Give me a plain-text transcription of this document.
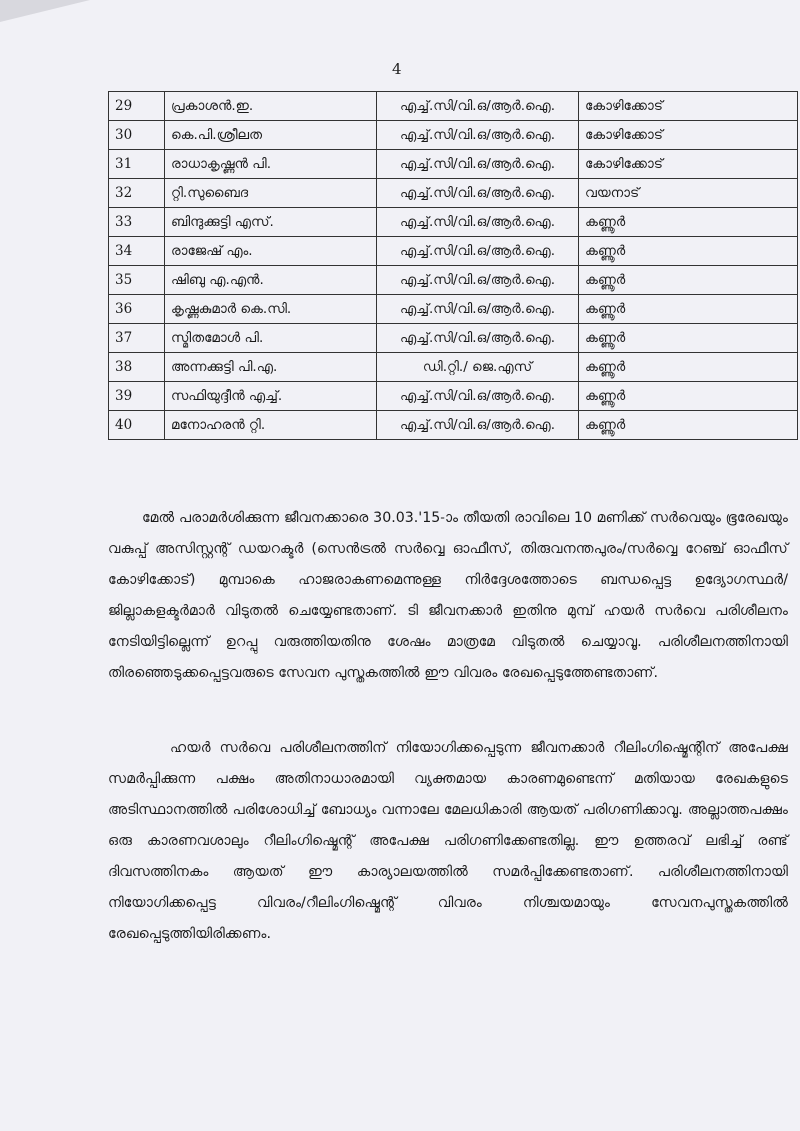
4
29	പ്രകാശൻ.ഇ.	എച്ച്.സി/വി.ഒ/ആർ.ഐ.	കോഴിക്കോട്
30	കെ.പി.ശ്രീലത	എച്ച്.സി/വി.ഒ/ആർ.ഐ.	കോഴിക്കോട്
31	രാധാകൃഷ്ണൻ പി.	എച്ച്.സി/വി.ഒ/ആർ.ഐ.	കോഴിക്കോട്
32	റ്റി.സുബൈദ	എച്ച്.സി/വി.ഒ/ആർ.ഐ.	വയനാട്
33	ബിന്ദുക്കുട്ടി എസ്.	എച്ച്.സി/വി.ഒ/ആർ.ഐ.	കണ്ണൂർ
34	രാജേഷ് എം.	എച്ച്.സി/വി.ഒ/ആർ.ഐ.	കണ്ണൂർ
35	ഷിബു എ.എൻ.	എച്ച്.സി/വി.ഒ/ആർ.ഐ.	കണ്ണൂർ
36	കൃഷ്ണകുമാർ കെ.സി.	എച്ച്.സി/വി.ഒ/ആർ.ഐ.	കണ്ണൂർ
37	സ്മിതമോൾ പി.	എച്ച്.സി/വി.ഒ/ആർ.ഐ.	കണ്ണൂർ
38	അന്നക്കുട്ടി പി.എ.	ഡി.റ്റി./ ജെ.എസ്	കണ്ണൂർ
39	സഫിയുദ്ദീൻ എച്ച്.	എച്ച്.സി/വി.ഒ/ആർ.ഐ.	കണ്ണൂർ
40	മനോഹരൻ റ്റി.	എച്ച്.സി/വി.ഒ/ആർ.ഐ.	കണ്ണൂർ

മേൽ പരാമർശിക്കുന്ന ജീവനക്കാരെ 30.03.'15-ാം തീയതി രാവിലെ 10 മണിക്ക് സർവെയും ഭൂരേഖയും വകുപ്പ് അസിസ്റ്റന്റ് ഡയറക്ടർ (സെൻട്രൽ സർവ്വെ ഓഫീസ്, തിരുവനന്തപുരം/സർവ്വെ റേഞ്ച് ഓഫീസ് കോഴിക്കോട്) മുമ്പാകെ ഹാജരാകണമെന്നുള്ള നിർദ്ദേശത്തോടെ ബന്ധപ്പെട്ട ഉദ്യോഗസ്ഥർ/ജില്ലാകളക്ടർമാർ വിടുതൽ ചെയ്യേണ്ടതാണ്. ടി ജീവനക്കാർ ഇതിനു മുമ്പ് ഹയർ സർവെ പരിശീലനം നേടിയിട്ടില്ലെന്ന് ഉറപ്പു വരുത്തിയതിനു ശേഷം മാത്രമേ വിടുതൽ ചെയ്യാവൂ. പരിശീലനത്തിനായി തിരഞ്ഞെടുക്കപ്പെട്ടവരുടെ സേവന പുസ്തകത്തിൽ ഈ വിവരം രേഖപ്പെടുത്തേണ്ടതാണ്.

ഹയർ സർവെ പരിശീലനത്തിന് നിയോഗിക്കപ്പെടുന്ന ജീവനക്കാർ റീലിംഗിഷ്മെന്റിന് അപേക്ഷ സമർപ്പിക്കുന്ന പക്ഷം അതിനാധാരമായി വ്യക്തമായ കാരണമുണ്ടെന്ന് മതിയായ രേഖകളുടെ അടിസ്ഥാനത്തിൽ പരിശോധിച്ച് ബോധ്യം വന്നാലേ മേലധികാരി ആയത് പരിഗണിക്കാവൂ. അല്ലാത്തപക്ഷം ഒരു കാരണവശാലും റീലിംഗിഷ്മെന്റ് അപേക്ഷ പരിഗണിക്കേണ്ടതില്ല. ഈ ഉത്തരവ് ലഭിച്ച് രണ്ട് ദിവസത്തിനകം ആയത് ഈ കാര്യാലയത്തിൽ സമർപ്പിക്കേണ്ടതാണ്. പരിശീലനത്തിനായി നിയോഗിക്കപ്പെട്ട വിവരം/റീലിംഗിഷ്മെന്റ് വിവരം നിശ്ചയമായും സേവനപുസ്തകത്തിൽ രേഖപ്പെടുത്തിയിരിക്കണം.
